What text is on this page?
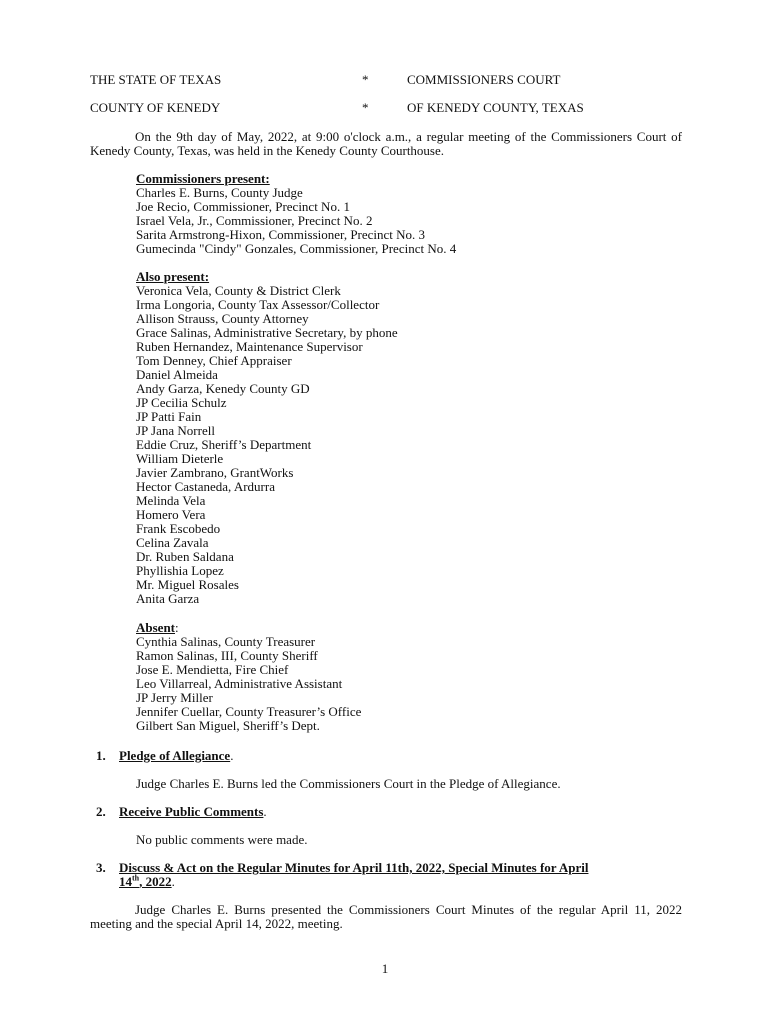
THE STATE OF TEXAS	*	COMMISSIONERS COURT
COUNTY OF KENEDY	*	OF KENEDY COUNTY, TEXAS
On the 9th day of May, 2022, at 9:00 o'clock a.m., a regular meeting of the Commissioners Court of Kenedy County, Texas, was held in the Kenedy County Courthouse.
Commissioners present:
Charles E. Burns, County Judge
Joe Recio, Commissioner, Precinct No. 1
Israel Vela, Jr., Commissioner, Precinct No. 2
Sarita Armstrong-Hixon, Commissioner, Precinct No. 3
Gumecinda "Cindy" Gonzales, Commissioner, Precinct No. 4
Also present:
Veronica Vela, County & District Clerk
Irma Longoria, County Tax Assessor/Collector
Allison Strauss, County Attorney
Grace Salinas, Administrative Secretary, by phone
Ruben Hernandez, Maintenance Supervisor
Tom Denney, Chief Appraiser
Daniel Almeida
Andy Garza, Kenedy County GD
JP Cecilia Schulz
JP Patti Fain
JP Jana Norrell
Eddie Cruz, Sheriff’s Department
William Dieterle
Javier Zambrano, GrantWorks
Hector Castaneda, Ardurra
Melinda Vela
Homero Vera
Frank Escobedo
Celina Zavala
Dr. Ruben Saldana
Phyllishia Lopez
Mr. Miguel Rosales
Anita Garza
Absent:
Cynthia Salinas, County Treasurer
Ramon Salinas, III, County Sheriff
Jose E. Mendietta, Fire Chief
Leo Villarreal, Administrative Assistant
JP Jerry Miller
Jennifer Cuellar, County Treasurer’s Office
Gilbert San Miguel, Sheriff’s Dept.
1. Pledge of Allegiance.
Judge Charles E. Burns led the Commissioners Court in the Pledge of Allegiance.
2. Receive Public Comments.
No public comments were made.
3. Discuss & Act on the Regular Minutes for April 11th, 2022, Special Minutes for April
14th, 2022.
Judge Charles E. Burns presented the Commissioners Court Minutes of the regular April 11, 2022 meeting and the special April 14, 2022, meeting.
1
